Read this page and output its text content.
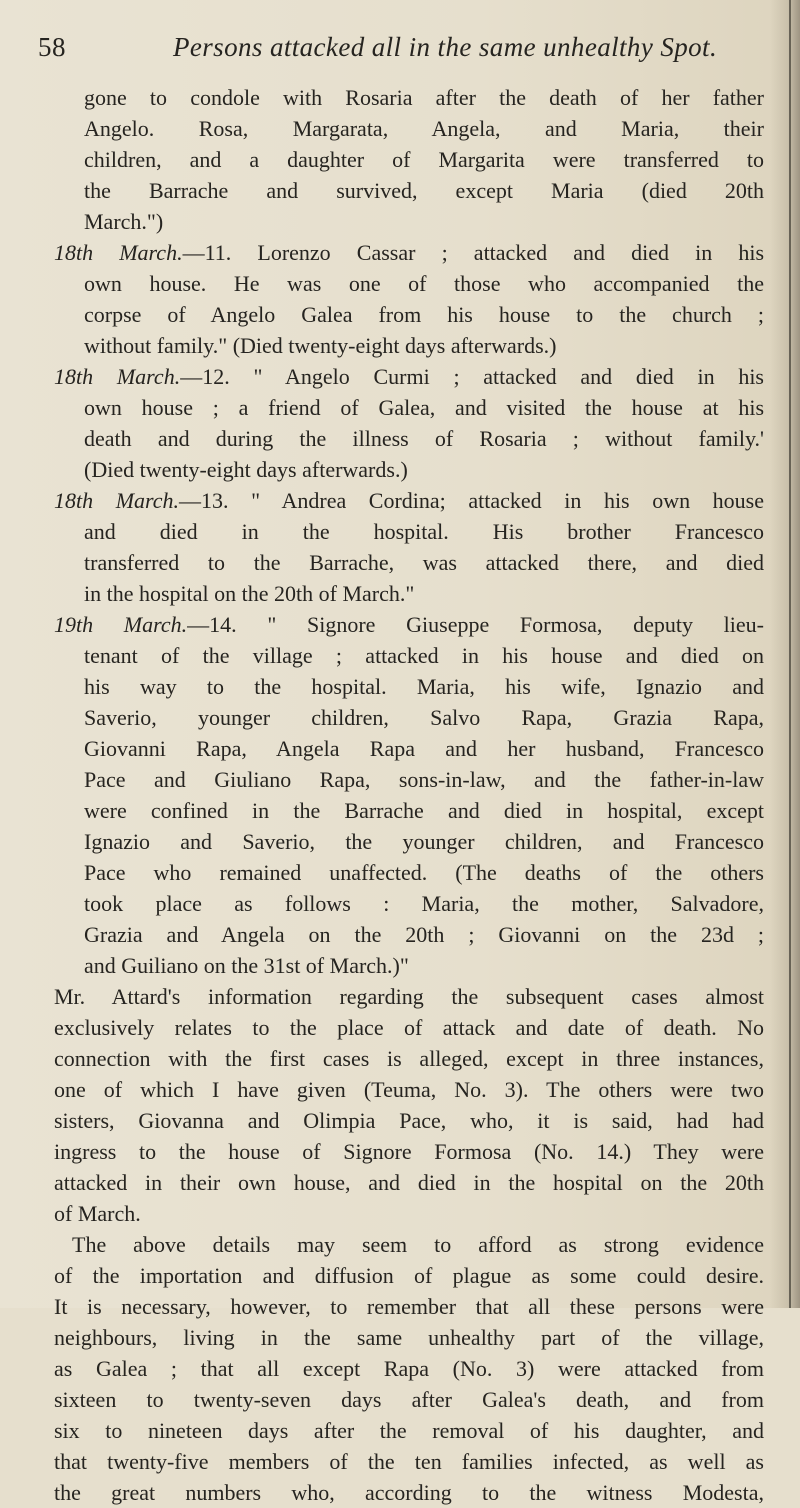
58	Persons attacked all in the same unhealthy Spot.
gone to condole with Rosaria after the death of her father
Angelo. Rosa, Margarata, Angela, and Maria, their
children, and a daughter of Margarita were transferred to
the Barrache and survived, except Maria (died 20th
March.")
18th March.—11. Lorenzo Cassar ; attacked and died in his
own house. He was one of those who accompanied the
corpse of Angelo Galea from his house to the church ;
without family." (Died twenty-eight days afterwards.)
18th March.—12. " Angelo Curmi ; attacked and died in his
own house ; a friend of Galea, and visited the house at his
death and during the illness of Rosaria ; without family.'
(Died twenty-eight days afterwards.)
18th March.—13. " Andrea Cordina; attacked in his own house
and died in the hospital. His brother Francesco
transferred to the Barrache, was attacked there, and died
in the hospital on the 20th of March."
19th March.—14. " Signore Giuseppe Formosa, deputy lieu-
tenant of the village ; attacked in his house and died on
his way to the hospital. Maria, his wife, Ignazio and
Saverio, younger children, Salvo Rapa, Grazia Rapa,
Giovanni Rapa, Angela Rapa and her husband, Francesco
Pace and Giuliano Rapa, sons-in-law, and the father-in-law
were confined in the Barrache and died in hospital, except
Ignazio and Saverio, the younger children, and Francesco
Pace who remained unaffected. (The deaths of the others
took place as follows : Maria, the mother, Salvadore,
Grazia and Angela on the 20th ; Giovanni on the 23d ;
and Guiliano on the 31st of March.)"
Mr. Attard's information regarding the subsequent cases almost
exclusively relates to the place of attack and date of death. No
connection with the first cases is alleged, except in three instances,
one of which I have given (Teuma, No. 3). The others were two
sisters, Giovanna and Olimpia Pace, who, it is said, had had
ingress to the house of Signore Formosa (No. 14.) They were
attacked in their own house, and died in the hospital on the 20th
of March.
The above details may seem to afford as strong evidence
of the importation and diffusion of plague as some could desire.
It is necessary, however, to remember that all these persons were
neighbours, living in the same unhealthy part of the village,
as Galea ; that all except Rapa (No. 3) were attacked from
sixteen to twenty-seven days after Galea's death, and from
six to nineteen days after the removal of his daughter, and
that twenty-five members of the ten families infected, as well as
the great numbers who, according to the witness Modesta,
